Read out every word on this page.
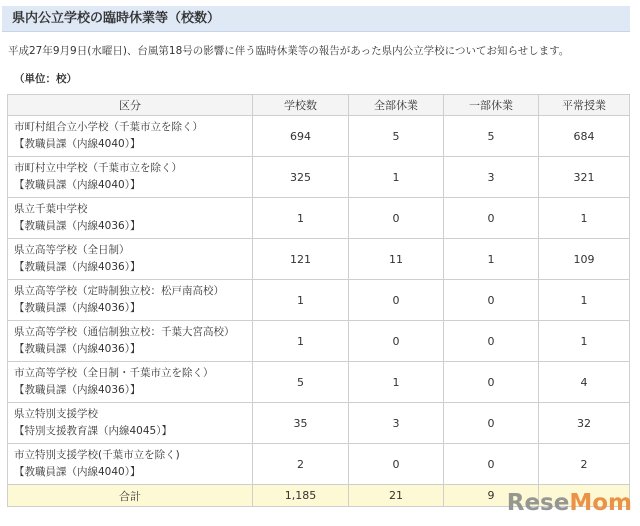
県内公立学校の臨時休業等（校数）
平成27年9月9日(水曜日)、台風第18号の影響に伴う臨時休業等の報告があった県内公立学校についてお知らせします。
（単位：校）
区分	学校数	全部休業	一部休業	平常授業

市町村組合立小学校（千葉市立を除く）
【教職員課（内線4040）】	694	5	5	684

市町村立中学校（千葉市立を除く）
【教職員課（内線4040）】	325	1	3	321

県立千葉中学校
【教職員課（内線4036）】	1	0	0	1

県立高等学校（全日制）
【教職員課（内線4036）】	121	11	1	109

県立高等学校（定時制独立校：松戸南高校）
【教職員課（内線4036）】	1	0	0	1

県立高等学校（通信制独立校：千葉大宮高校）
【教職員課（内線4036）】	1	0	0	1

市立高等学校（全日制・千葉市立を除く）
【教職員課（内線4036）】	5	1	0	4

県立特別支援学校
【特別支援教育課（内線4045）】	35	3	0	32

市立特別支援学校(千葉市立を除く)
【教職員課（内線4040）】	2	0	0	2
合計	1,185	21	9	ReseMom
